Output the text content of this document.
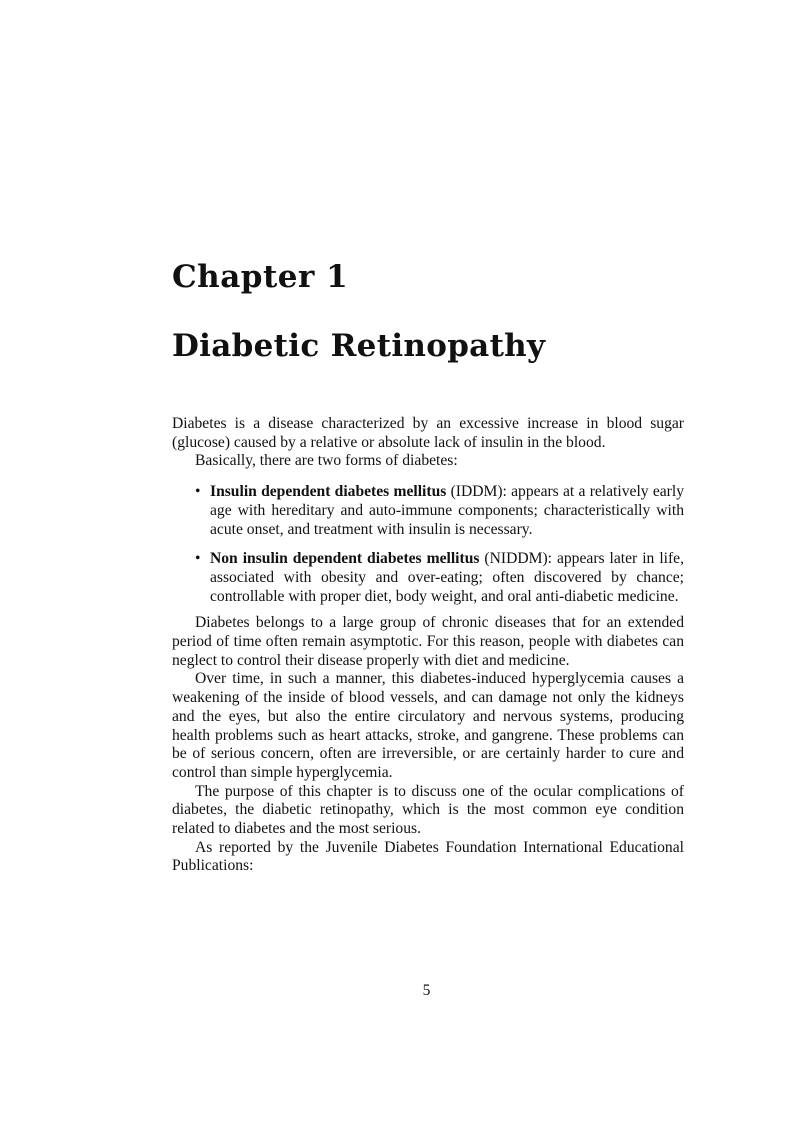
Chapter 1
Diabetic Retinopathy

Diabetes is a disease characterized by an excessive increase in blood sugar (glucose) caused by a relative or absolute lack of insulin in the blood.

Basically, there are two forms of diabetes:

• Insulin dependent diabetes mellitus (IDDM): appears at a relatively early age with hereditary and auto-immune components; characteristically with acute onset, and treatment with insulin is necessary.
• Non insulin dependent diabetes mellitus (NIDDM): appears later in life, associated with obesity and over-eating; often discovered by chance; controllable with proper diet, body weight, and oral anti-diabetic medicine.

Diabetes belongs to a large group of chronic diseases that for an extended period of time often remain asymptotic. For this reason, people with diabetes can neglect to control their disease properly with diet and medicine.

Over time, in such a manner, this diabetes-induced hyperglycemia causes a weakening of the inside of blood vessels, and can damage not only the kidneys and the eyes, but also the entire circulatory and nervous systems, producing health problems such as heart attacks, stroke, and gangrene. These problems can be of serious concern, often are irreversible, or are certainly harder to cure and control than simple hyperglycemia.

The purpose of this chapter is to discuss one of the ocular complications of diabetes, the diabetic retinopathy, which is the most common eye condition related to diabetes and the most serious.

As reported by the Juvenile Diabetes Foundation International Educational Publications:

5
